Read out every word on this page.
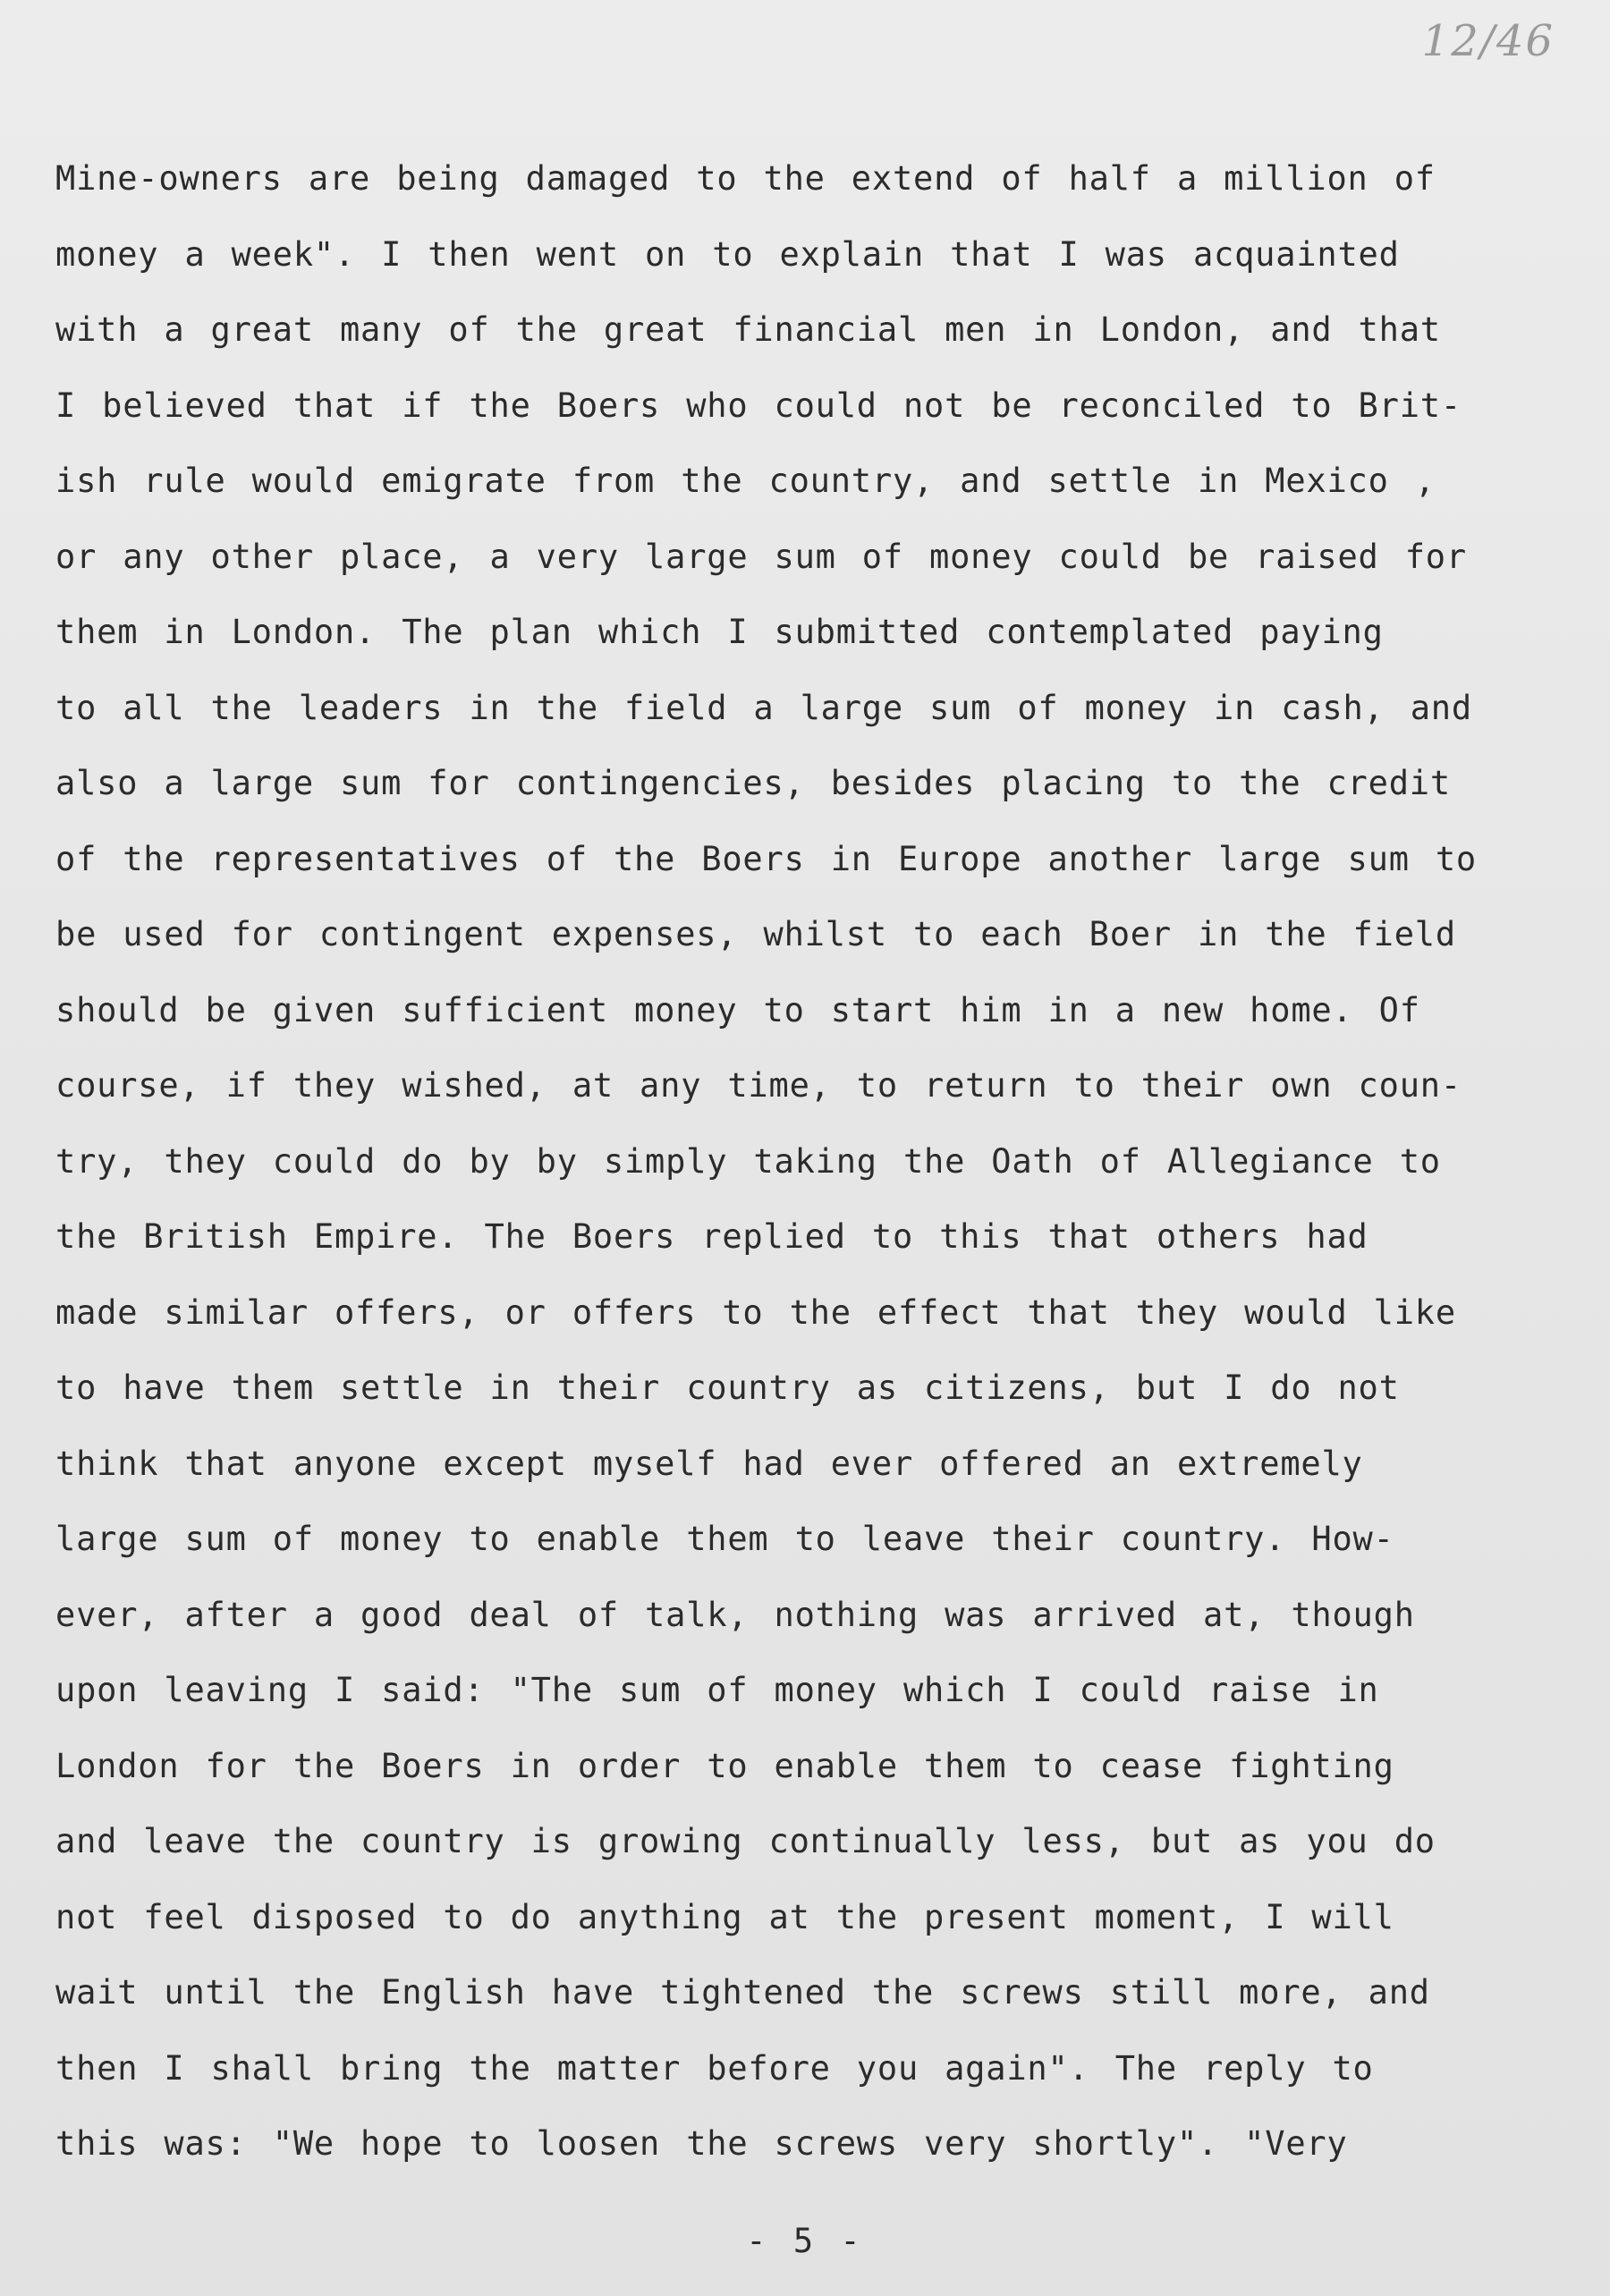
12/46
Mine-owners are being damaged to the extend of half a million of
money a week". I then went on to explain that I was acquainted
with a great many of the great financial men in London, and that
I believed that if the Boers who could not be reconciled to Brit-
ish rule would emigrate from the country, and settle in Mexico ,
or any other place, a very large sum of money could be raised for
them in London. The plan which I submitted contemplated paying
to all the leaders in the field a large sum of money in cash, and
also a large sum for contingencies, besides placing to the credit
of the representatives of the Boers in Europe another large sum to
be used for contingent expenses, whilst to each Boer in the field
should be given sufficient money to start him in a new home. Of
course, if they wished, at any time, to return to their own coun-
try, they could do by by simply taking the Oath of Allegiance to
the British Empire. The Boers replied to this that others had
made similar offers, or offers to the effect that they would like
to have them settle in their country as citizens, but I do not
think that anyone except myself had ever offered an extremely
large sum of money to enable them to leave their country. How-
ever, after a good deal of talk, nothing was arrived at, though
upon leaving I said: "The sum of money which I could raise in
London for the Boers in order to enable them to cease fighting
and leave the country is growing continually less, but as you do
not feel disposed to do anything at the present moment, I will
wait until the English have tightened the screws still more, and
then I shall bring the matter before you again". The reply to
this was: "We hope to loosen the screws very shortly". "Very
- 5 -
